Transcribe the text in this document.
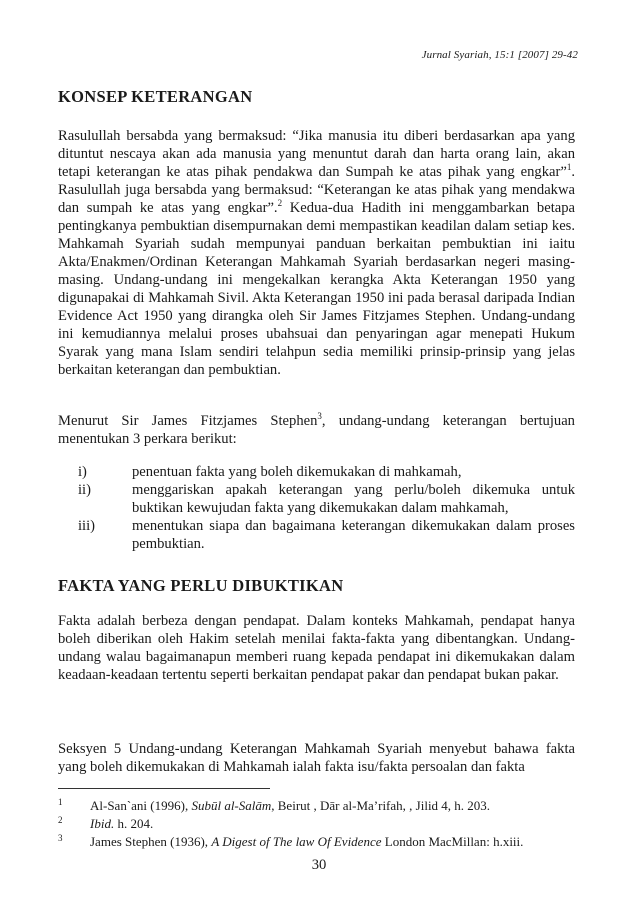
Jurnal Syariah, 15:1 [2007] 29-42
KONSEP KETERANGAN

Rasulullah bersabda yang bermaksud: “Jika manusia itu diberi berdasarkan apa yang dituntut nescaya akan ada manusia yang menuntut darah dan harta orang lain, akan tetapi keterangan ke atas pihak pendakwa dan Sumpah ke atas pihak yang engkar”$^1$. Rasulullah juga bersabda yang bermaksud: “Keterangan ke atas pihak yang mendakwa dan sumpah ke atas yang engkar”.$^2$ Kedua-dua Hadith ini menggambarkan betapa pentingkanya pembuktian disempurnakan demi mempastikan keadilan dalam setiap kes. Mahkamah Syariah sudah mempunyai panduan berkaitan pembuktian ini iaitu Akta/Enakmen/Ordinan Keterangan Mahkamah Syariah berdasarkan negeri masing-masing. Undang-undang ini mengekalkan kerangka Akta Keterangan 1950 yang digunapakai di Mahkamah Sivil. Akta Keterangan 1950 ini pada berasal daripada Indian Evidence Act 1950 yang dirangka oleh Sir James Fitzjames Stephen. Undang-undang ini kemudiannya melalui proses ubahsuai dan penyaringan agar menepati Hukum Syarak yang mana Islam sendiri telahpun sedia memiliki prinsip-prinsip yang jelas berkaitan keterangan dan pembuktian.

Menurut Sir James Fitzjames Stephen$^3$, undang-undang keterangan bertujuan menentukan 3 perkara berikut:

i)	penentuan fakta yang boleh dikemukakan di mahkamah,
ii)	menggariskan apakah keterangan yang perlu/boleh dikemuka untuk buktikan kewujudan fakta yang dikemukakan dalam mahkamah,
iii)	menentukan siapa dan bagaimana keterangan dikemukakan dalam proses pembuktian.
FAKTA YANG PERLU DIBUKTIKAN

Fakta adalah berbeza dengan pendapat. Dalam konteks Mahkamah, pendapat hanya boleh diberikan oleh Hakim setelah menilai fakta-fakta yang dibentangkan. Undang-undang walau bagaimanapun memberi ruang kepada pendapat ini dikemukakan dalam keadaan-keadaan tertentu seperti berkaitan pendapat pakar dan pendapat bukan pakar.

Seksyen 5 Undang-undang Keterangan Mahkamah Syariah menyebut bahawa fakta yang boleh dikemukakan di Mahkamah ialah fakta isu/fakta persoalan dan fakta

1 Al-San`ani (1996), Subūl al-Salām, Beirut , Dār al-Ma’rifah, , Jilid 4, h. 203.
2 Ibid. h. 204.
3 James Stephen (1936), A Digest of The law Of Evidence London MacMillan: h.xiii.
30
